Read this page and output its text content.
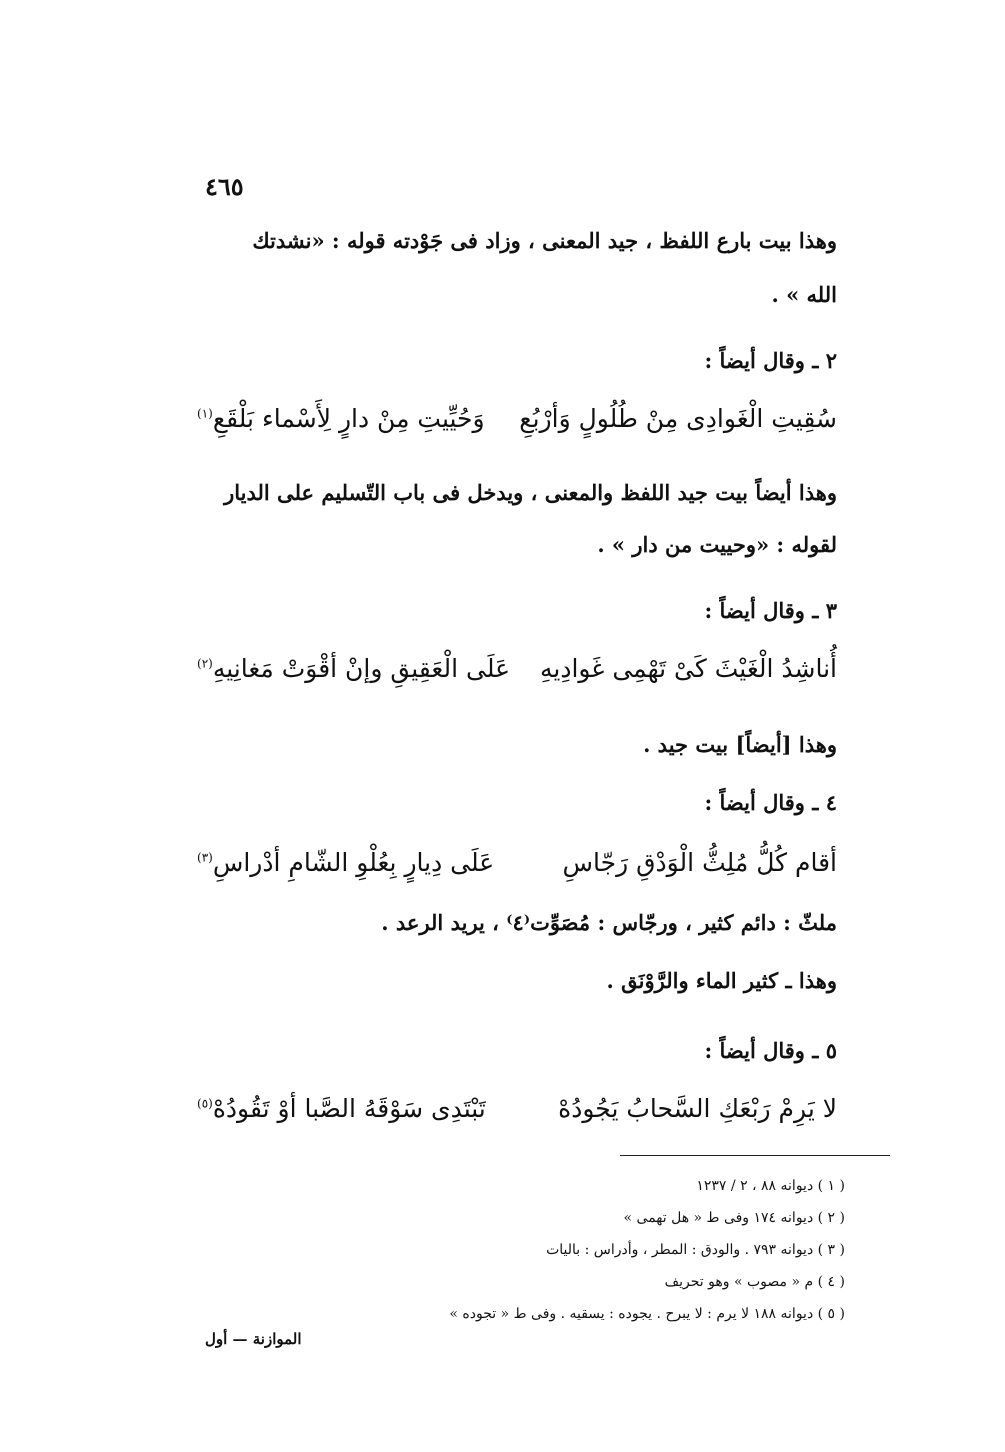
٤٦٥
وهذا بيت بارع اللفظ ، جيد المعنى ، وزاد فى جَوْدته قوله : «نشدتك
الله » .
٢ ـ وقال أيضاً :
سُقِيتِ الْغَوادِى مِنْ طُلُولٍ وَأرْبُعِ
وَحُيِّيتِ مِنْ دارٍ لِأَسْماء بَلْقَعِ$^{(١)}$
وهذا أيضاً بيت جيد اللفظ والمعنى ، ويدخل فى باب التّسليم على الديار
لقوله : «وحييت من دار » .
٣ ـ وقال أيضاً :
أُناشِدُ الْغَيْثَ كَىْ تَهْمِى غَوادِيهِ
عَلَى الْعَقِيقِ وإنْ أقْوَتْ مَغانِيهِ$^{(٢)}$
وهذا [أيضاً] بيت جيد .
٤ ـ وقال أيضاً :
أقام كُلُّ مُلِثُّ الْوَدْقِ رَجّاسِ
عَلَى دِيارٍ بِعُلْوِ الشّامِ أدْراسِ$^{(٣)}$
ملثّ : دائم كثير ، ورجّاس : مُصَوِّت⁽٤⁾ ، يريد الرعد .
وهذا ـ كثير الماء والرَّوْنَق .
٥ ـ وقال أيضاً :
لا يَرِمْ رَبْعَكِ السَّحابُ يَجُودُهْ
تَبْتَدِى سَوْقَهُ الصَّبا أوْ تَقُودُهْ$^{(٥)}$
( ١ ) ديوانه ٨٨ ، ٢ / ١٢٣٧
( ٢ ) ديوانه ١٧٤ وفى ط « هل تهمى »
( ٣ ) ديوانه ٧٩٣ . والودق : المطر ، وأدراس : باليات
( ٤ ) م « مصوب » وهو تحريف
( ٥ ) ديوانه ١٨٨ لا يرم : لا يبرح . يجوده : يسقيه . وفى ط « تجوده »
الموازنة — أول
